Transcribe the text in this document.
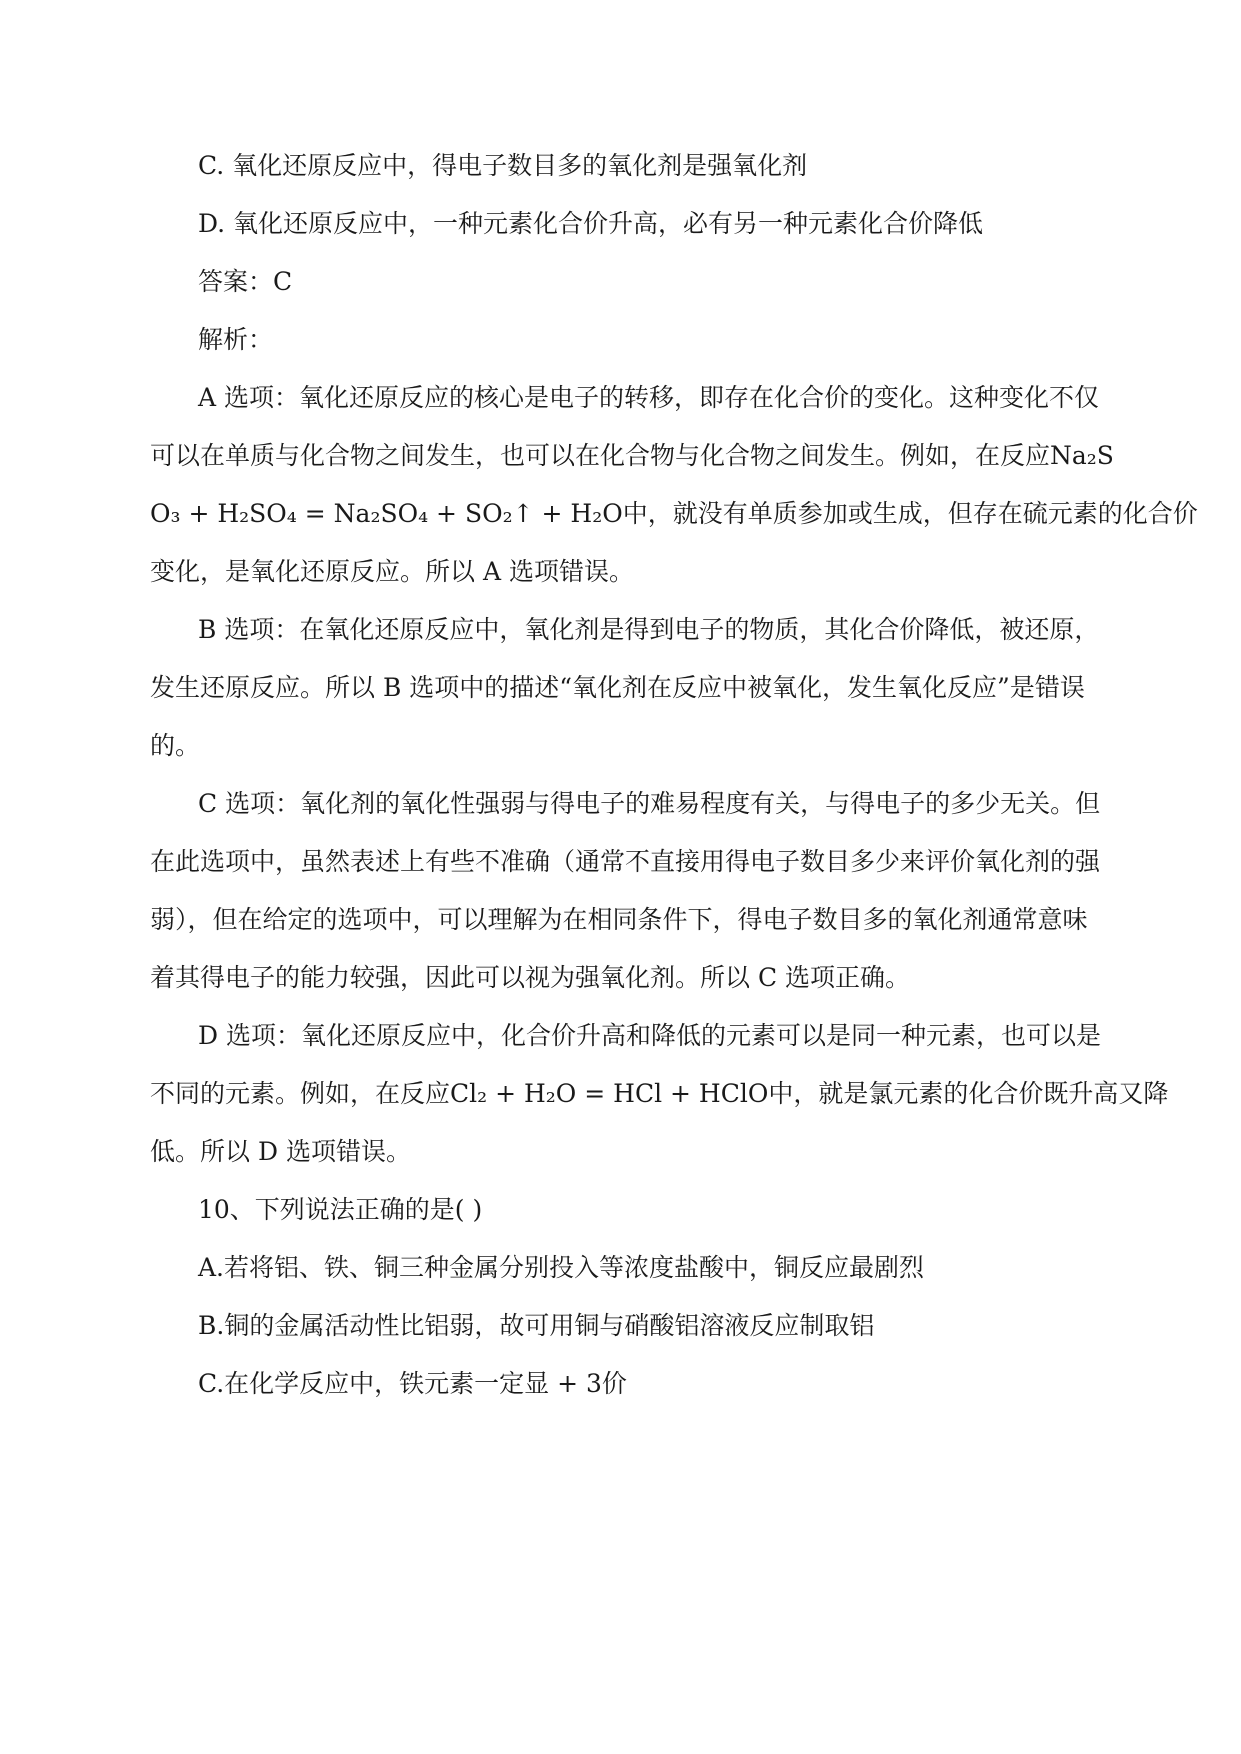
C. 氧化还原反应中，得电子数目多的氧化剂是强氧化剂
D. 氧化还原反应中，一种元素化合价升高，必有另一种元素化合价降低
答案：C
解析：
A 选项：氧化还原反应的核心是电子的转移，即存在化合价的变化。这种变化不仅
可以在单质与化合物之间发生，也可以在化合物与化合物之间发生。例如，在反应Na₂S
O₃ + H₂SO₄ = Na₂SO₄ + SO₂↑ + H₂O中，就没有单质参加或生成，但存在硫元素的化合价
变化，是氧化还原反应。所以 A 选项错误。
B 选项：在氧化还原反应中，氧化剂是得到电子的物质，其化合价降低，被还原，
发生还原反应。所以 B 选项中的描述“氧化剂在反应中被氧化，发生氧化反应”是错误
的。
C 选项：氧化剂的氧化性强弱与得电子的难易程度有关，与得电子的多少无关。但
在此选项中，虽然表述上有些不准确（通常不直接用得电子数目多少来评价氧化剂的强
弱），但在给定的选项中，可以理解为在相同条件下，得电子数目多的氧化剂通常意味
着其得电子的能力较强，因此可以视为强氧化剂。所以 C 选项正确。
D 选项：氧化还原反应中，化合价升高和降低的元素可以是同一种元素，也可以是
不同的元素。例如，在反应Cl₂ + H₂O = HCl + HClO中，就是氯元素的化合价既升高又降
低。所以 D 选项错误。
10、下列说法正确的是( )
A.若将铝、铁、铜三种金属分别投入等浓度盐酸中，铜反应最剧烈
B.铜的金属活动性比铝弱，故可用铜与硝酸铝溶液反应制取铝
C.在化学反应中，铁元素一定显 + 3价
